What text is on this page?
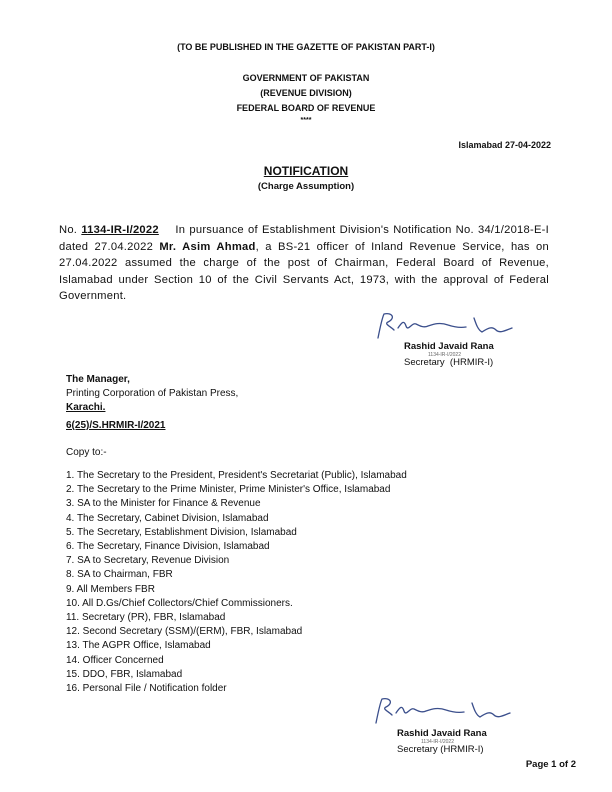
(TO BE PUBLISHED IN THE GAZETTE OF PAKISTAN PART-I)
GOVERNMENT OF PAKISTAN
(REVENUE DIVISION)
FEDERAL BOARD OF REVENUE
****
Islamabad 27-04-2022
NOTIFICATION
(Charge Assumption)

No. 1134-IR-I/2022 In pursuance of Establishment Division's Notification No. 34/1/2018-E-I dated 27.04.2022 Mr. Asim Ahmad, a BS-21 officer of Inland Revenue Service, has on 27.04.2022 assumed the charge of the post of Chairman, Federal Board of Revenue, Islamabad under Section 10 of the Civil Servants Act, 1973, with the approval of Federal Government.

Rashid Javaid Rana
1134-IR-I/2022
Secretary  (HRMIR-I)
The Manager,
Printing Corporation of Pakistan Press,
Karachi.
6(25)/S.HRMIR-I/2021
Copy to:-
1. The Secretary to the President, President's Secretariat (Public), Islamabad
2. The Secretary to the Prime Minister, Prime Minister's Office, Islamabad
3. SA to the Minister for Finance & Revenue
4. The Secretary, Cabinet Division, Islamabad
5. The Secretary, Establishment Division, Islamabad
6. The Secretary, Finance Division, Islamabad
7. SA to Secretary, Revenue Division
8. SA to Chairman, FBR
9. All Members FBR
10. All D.Gs/Chief Collectors/Chief Commissioners.
11. Secretary (PR), FBR, Islamabad
12. Second Secretary (SSM)/(ERM), FBR, Islamabad
13. The AGPR Office, Islamabad
14. Officer Concerned
15. DDO, FBR, Islamabad
16. Personal File / Notification folder
Rashid Javaid Rana
1134-IR-I/2022
Secretary (HRMIR-I)
Page 1 of 2
